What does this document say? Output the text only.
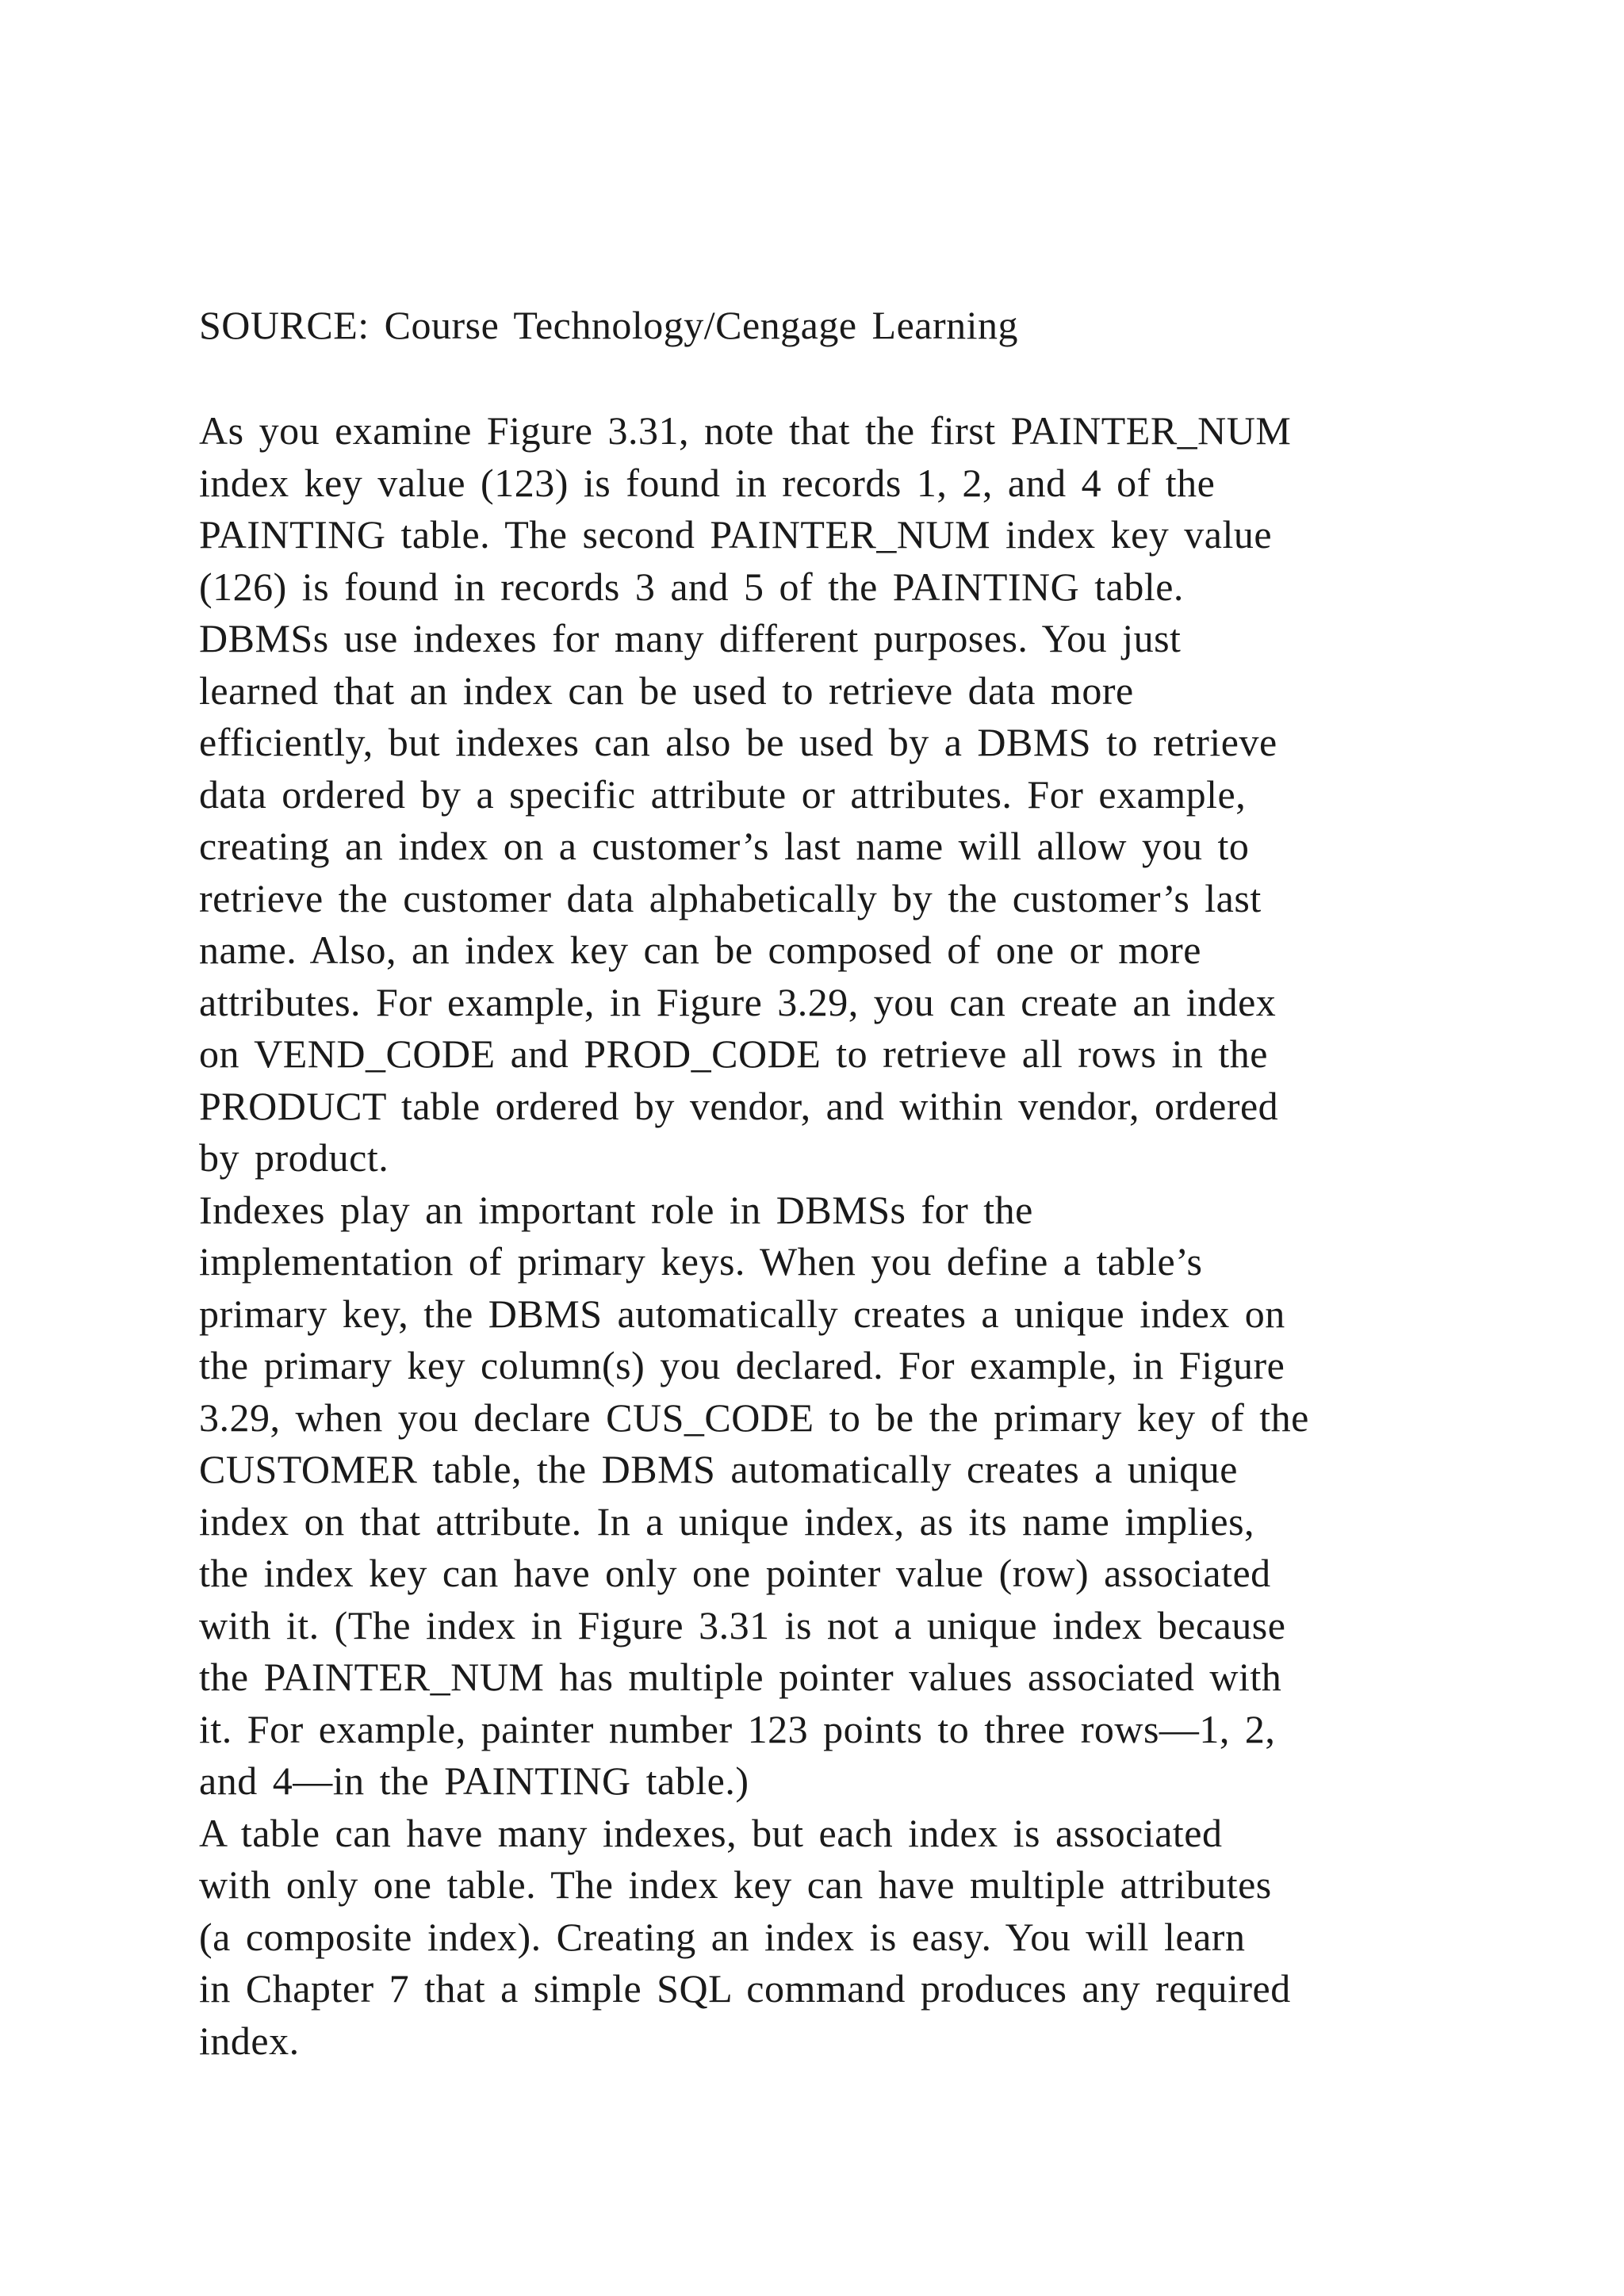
SOURCE: Course Technology/Cengage Learning
As you examine Figure 3.31, note that the first PAINTER_NUM
index key value (123) is found in records 1, 2, and 4 of the
PAINTING table. The second PAINTER_NUM index key value
(126) is found in records 3 and 5 of the PAINTING table.
DBMSs use indexes for many different purposes. You just
learned that an index can be used to retrieve data more
efficiently, but indexes can also be used by a DBMS to retrieve
data ordered by a specific attribute or attributes. For example,
creating an index on a customer’s last name will allow you to
retrieve the customer data alphabetically by the customer’s last
name. Also, an index key can be composed of one or more
attributes. For example, in Figure 3.29, you can create an index
on VEND_CODE and PROD_CODE to retrieve all rows in the
PRODUCT table ordered by vendor, and within vendor, ordered
by product.
Indexes play an important role in DBMSs for the
implementation of primary keys. When you define a table’s
primary key, the DBMS automatically creates a unique index on
the primary key column(s) you declared. For example, in Figure
3.29, when you declare CUS_CODE to be the primary key of the
CUSTOMER table, the DBMS automatically creates a unique
index on that attribute. In a unique index, as its name implies,
the index key can have only one pointer value (row) associated
with it. (The index in Figure 3.31 is not a unique index because
the PAINTER_NUM has multiple pointer values associated with
it. For example, painter number 123 points to three rows—1, 2,
and 4—in the PAINTING table.)
A table can have many indexes, but each index is associated
with only one table. The index key can have multiple attributes
(a composite index). Creating an index is easy. You will learn
in Chapter 7 that a simple SQL command produces any required
index.
